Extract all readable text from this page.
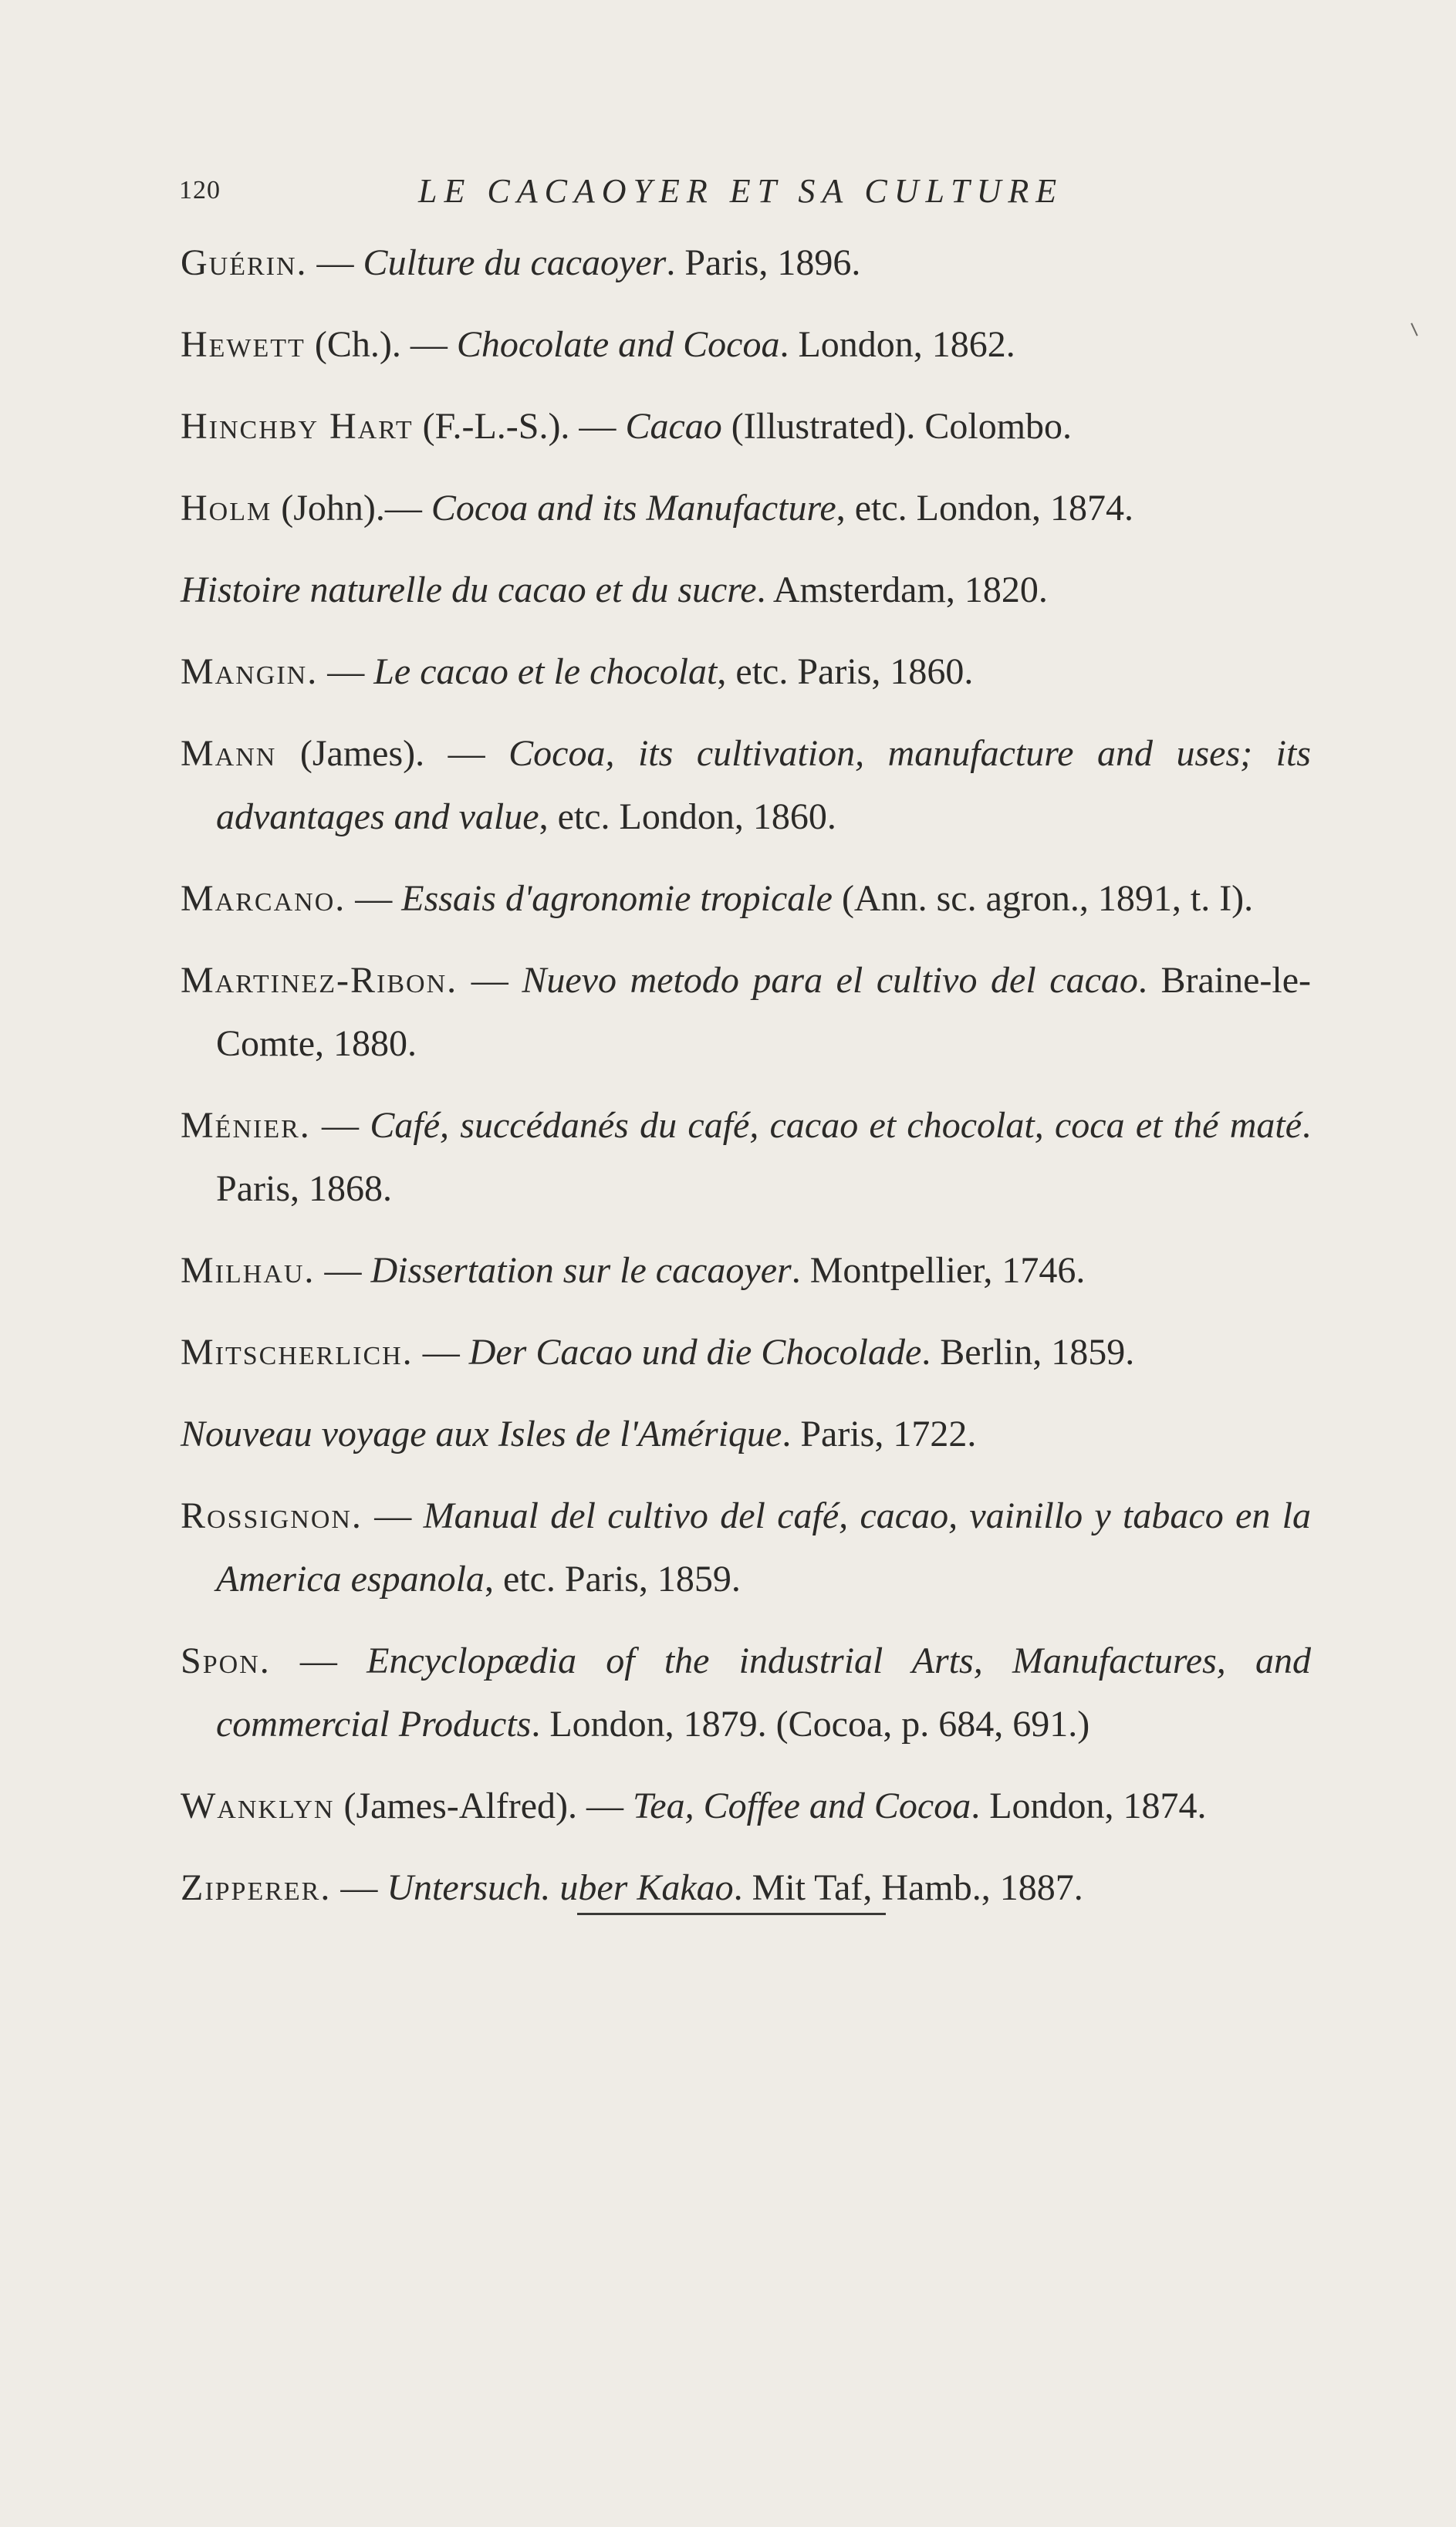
120	LE CACAOYER ET SA CULTURE

Guérin. — Culture du cacaoyer. Paris, 1896.

Hewett (Ch.). — Chocolate and Cocoa. London, 1862.

Hinchby Hart (F.-L.-S.). — Cacao (Illustrated). Colombo.

Holm (John).— Cocoa and its Manufacture, etc. London, 1874.

Histoire naturelle du cacao et du sucre. Amsterdam, 1820.

Mangin. — Le cacao et le chocolat, etc. Paris, 1860.

Mann (James). — Cocoa, its cultivation, manufacture and uses; its advantages and value, etc. London, 1860.

Marcano. — Essais d'agronomie tropicale (Ann. sc. agron., 1891, t. I).

Martinez-Ribon. — Nuevo metodo para el cultivo del cacao. Braine-le-Comte, 1880.

Ménier. — Café, succédanés du café, cacao et chocolat, coca et thé maté. Paris, 1868.

Milhau. — Dissertation sur le cacaoyer. Montpellier, 1746.

Mitscherlich. — Der Cacao und die Chocolade. Berlin, 1859.

Nouveau voyage aux Isles de l'Amérique. Paris, 1722.

Rossignon. — Manual del cultivo del café, cacao, vainillo y tabaco en la America espanola, etc. Paris, 1859.

Spon. — Encyclopædia of the industrial Arts, Manufactures, and commercial Products. London, 1879. (Cocoa, p. 684, 691.)

Wanklyn (James-Alfred). — Tea, Coffee and Cocoa. London, 1874.

Zipperer. — Untersuch. uber Kakao. Mit Taf, Hamb., 1887.
